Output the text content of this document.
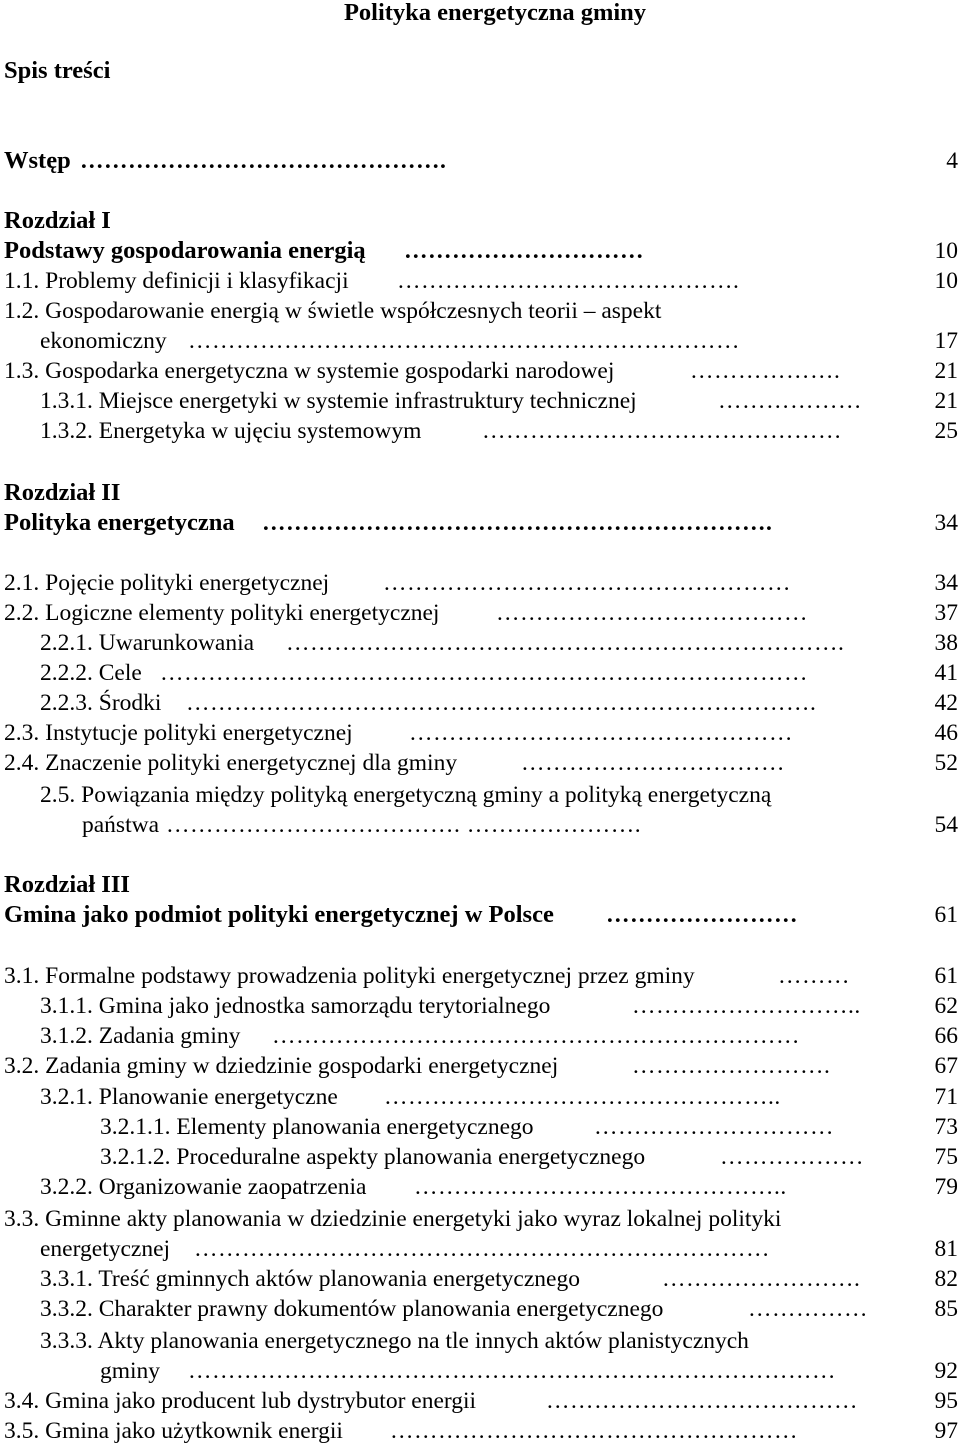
Polityka energetyczna gminy
Spis treści
Wstęp ……………………………………….	4
Rozdział I
Podstawy gospodarowania energią …………………………	10
1.1. Problemy definicji i klasyfikacji …………………………………….	10
1.2. Gospodarowanie energią w świetle współczesnych teorii – aspekt
ekonomiczny ……………………………………………………………	17
1.3. Gospodarka energetyczna w systemie gospodarki narodowej	……………….	21
1.3.1. Miejsce energetyki w systemie infrastruktury technicznej	………………	21
1.3.2. Energetyka w ujęciu systemowym	………………………………………	25
Rozdział II
Polityka energetyczna ……………………………………………………….	34
2.1. Pojęcie polityki energetycznej ……………………………………………	34
2.2. Logiczne elementy polityki energetycznej …………………………………	37
2.2.1. Uwarunkowania …………………………………………………………….	38
2.2.2. Cele ………………………………………………………………………	41
2.2.3. Środki …………………………………………………………………….	42
2.3. Instytucje polityki energetycznej …………………………………………	46
2.4. Znaczenie polityki energetycznej dla gminy	……………………………	52
2.5. Powiązania między polityką energetyczną gminy a polityką energetyczną
państwa ………………………………. ………………….	54
Rozdział III
Gmina jako podmiot polityki energetycznej w Polsce ……………………	61
3.1. Formalne podstawy prowadzenia polityki energetycznej przez gminy	………	61
3.1.1. Gmina jako jednostka samorządu terytorialnego	………………………..	62
3.1.2. Zadania gminy …………………………………………………………	66
3.2. Zadania gminy w dziedzinie gospodarki energetycznej	…………………….	67
3.2.1. Planowanie energetyczne …………………………………………..	71
3.2.1.1. Elementy planowania energetycznego	…………………………	73
3.2.1.2. Proceduralne aspekty planowania energetycznego	………………	75
3.2.2. Organizowanie zaopatrzenia ………………………………………..	79
3.3. Gminne akty planowania w dziedzinie energetyki jako wyraz lokalnej polityki
energetycznej ………………………………………………………………	81
3.3.1. Treść gminnych aktów planowania energetycznego	…………………….	82
3.3.2. Charakter prawny dokumentów planowania energetycznego	……………	85
3.3.3. Akty planowania energetycznego na tle innych aktów planistycznych
gminy ………………………………………………………………………	92
3.4. Gmina jako producent lub dystrybutor energii	…………………………………	95
3.5. Gmina jako użytkownik energii ……………………………………………	97
